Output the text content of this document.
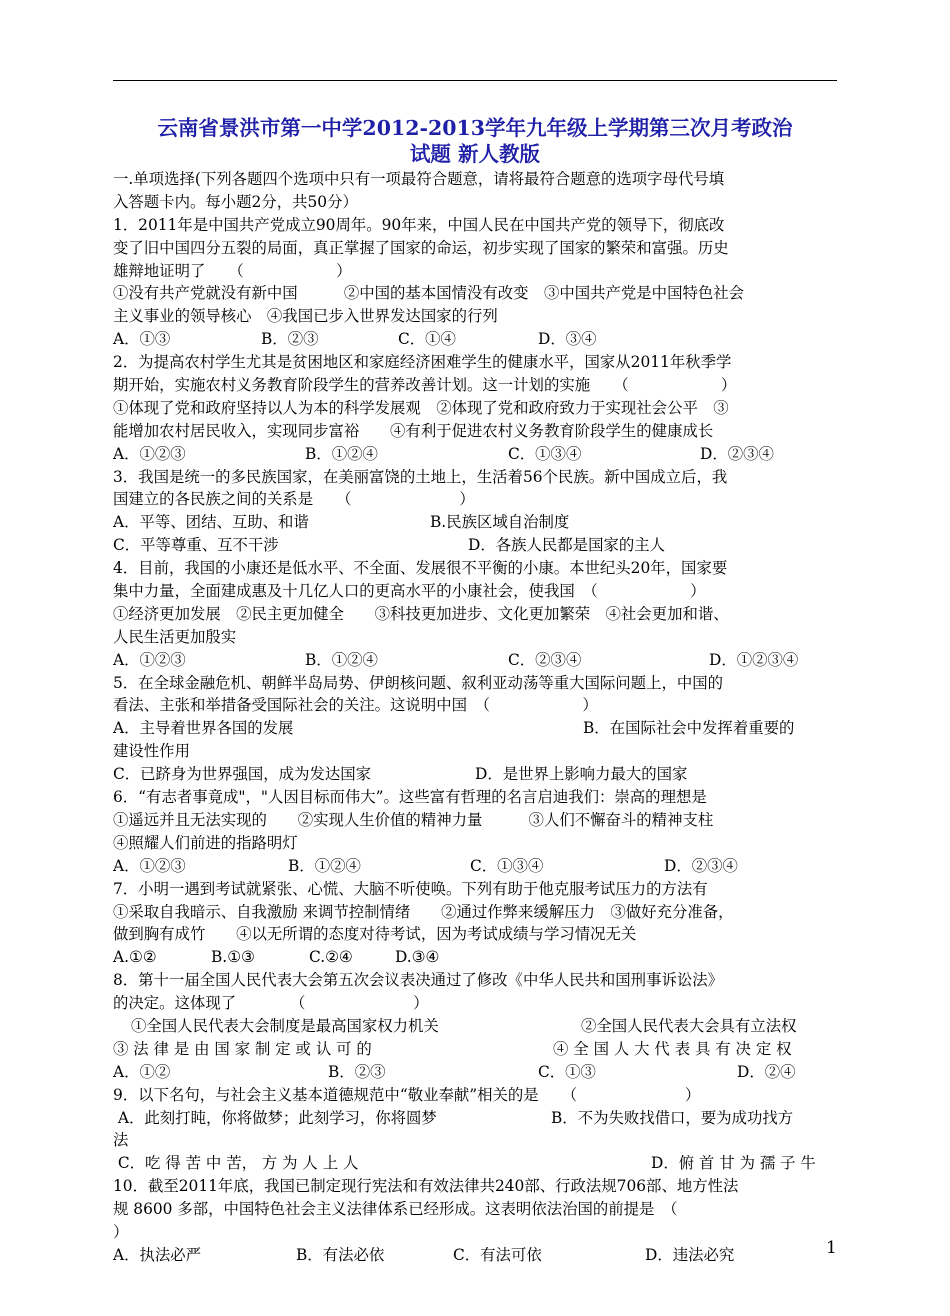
云南省景洪市第一中学2012-2013学年九年级上学期第三次月考政治
试题 新人教版
一.单项选择(下列各题四个选项中只有一项最符合题意，请将最符合题意的选项字母代号填
入答题卡内。每小题2分，共50分）
1．2011年是中国共产党成立90周年。90年来，中国人民在中国共产党的领导下，彻底改
变了旧中国四分五裂的局面，真正掌握了国家的命运，初步实现了国家的繁荣和富强。历史
雄辩地证明了　　（　　　　　　）
①没有共产党就没有新中国　　　②中国的基本国情没有改变　③中国共产党是中国特色社会
主义事业的领导核心　④我国已步入世界发达国家的行列
A．①③	B．②③	C．①④	D．③④
2．为提高农村学生尤其是贫困地区和家庭经济困难学生的健康水平，国家从2011年秋季学
期开始，实施农村义务教育阶段学生的营养改善计划。这一计划的实施　　（　　　　　　）
①体现了党和政府坚持以人为本的科学发展观　②体现了党和政府致力于实现社会公平　③
能增加农村居民收入，实现同步富裕　　④有利于促进农村义务教育阶段学生的健康成长
A．①②③	B．①②④	C．①③④	D．②③④
3．我国是统一的多民族国家，在美丽富饶的土地上，生活着56个民族。新中国成立后，我
国建立的各民族之间的关系是　　（　　　　　　　）
A．平等、团结、互助、和谐	B.民族区域自治制度
C．平等尊重、互不干涉	D．各族人民都是国家的主人
4．目前，我国的小康还是低水平、不全面、发展很不平衡的小康。本世纪头20年，国家要
集中力量，全面建成惠及十几亿人口的更高水平的小康社会，使我国　（　　　　　　）
①经济更加发展　②民主更加健全　　③科技更加进步、文化更加繁荣　④社会更加和谐、
人民生活更加殷实
A．①②③	B．①②④	C．②③④	D．①②③④
5．在全球金融危机、朝鲜半岛局势、伊朗核问题、叙利亚动荡等重大国际问题上，中国的
看法、主张和举措备受国际社会的关注。这说明中国　（　　　　　　）
A．主导着世界各国的发展	B．在国际社会中发挥着重要的
建设性作用
C．已跻身为世界强国，成为发达国家	D．是世界上影响力最大的国家
6．“有志者事竟成"，"人因目标而伟大”。这些富有哲理的名言启迪我们：崇高的理想是
①遥远并且无法实现的　　②实现人生价值的精神力量　　　③人们不懈奋斗的精神支柱
④照耀人们前进的指路明灯
A．①②③	B．①②④	C．①③④	D．②③④
7．小明一遇到考试就紧张、心慌、大脑不听使唤。下列有助于他克服考试压力的方法有
①采取自我暗示、自我激励 来调节控制情绪　　②通过作弊来缓解压力　③做好充分准备，
做到胸有成竹　　④以无所谓的态度对待考试，因为考试成绩与学习情况无关
A.①②	B.①③	C.②④	D.③④
8．第十一届全国人民代表大会第五次会议表决通过了修改《中华人民共和国刑事诉讼法》
的决定。这体现了　　　　（　　　　　　　）
①全国人民代表大会制度是最高国家权力机关	②全国人民代表大会具有立法权
③ 法 律 是 由 国 家 制 定 或 认 可 的	④ 全 国 人 大 代 表 具 有 决 定 权
A．①②	B．②③	C．①③	D．②④
9．以下名句，与社会主义基本道德规范中“敬业奉献”相关的是　　（　　　　　　　）
A．此刻打盹，你将做梦；此刻学习，你将圆梦	B．不为失败找借口，要为成功找方
法
C．吃 得 苦 中 苦， 方 为 人 上 人	D．俯 首 甘 为 孺 子 牛
10．截至2011年底，我国已制定现行宪法和有效法律共240部、行政法规706部、地方性法
规 8600 多部，中国特色社会主义法律体系已经形成。这表明依法治国的前提是　（
）
A．执法必严	B．有法必依	C．有法可依	D．违法必究	1
